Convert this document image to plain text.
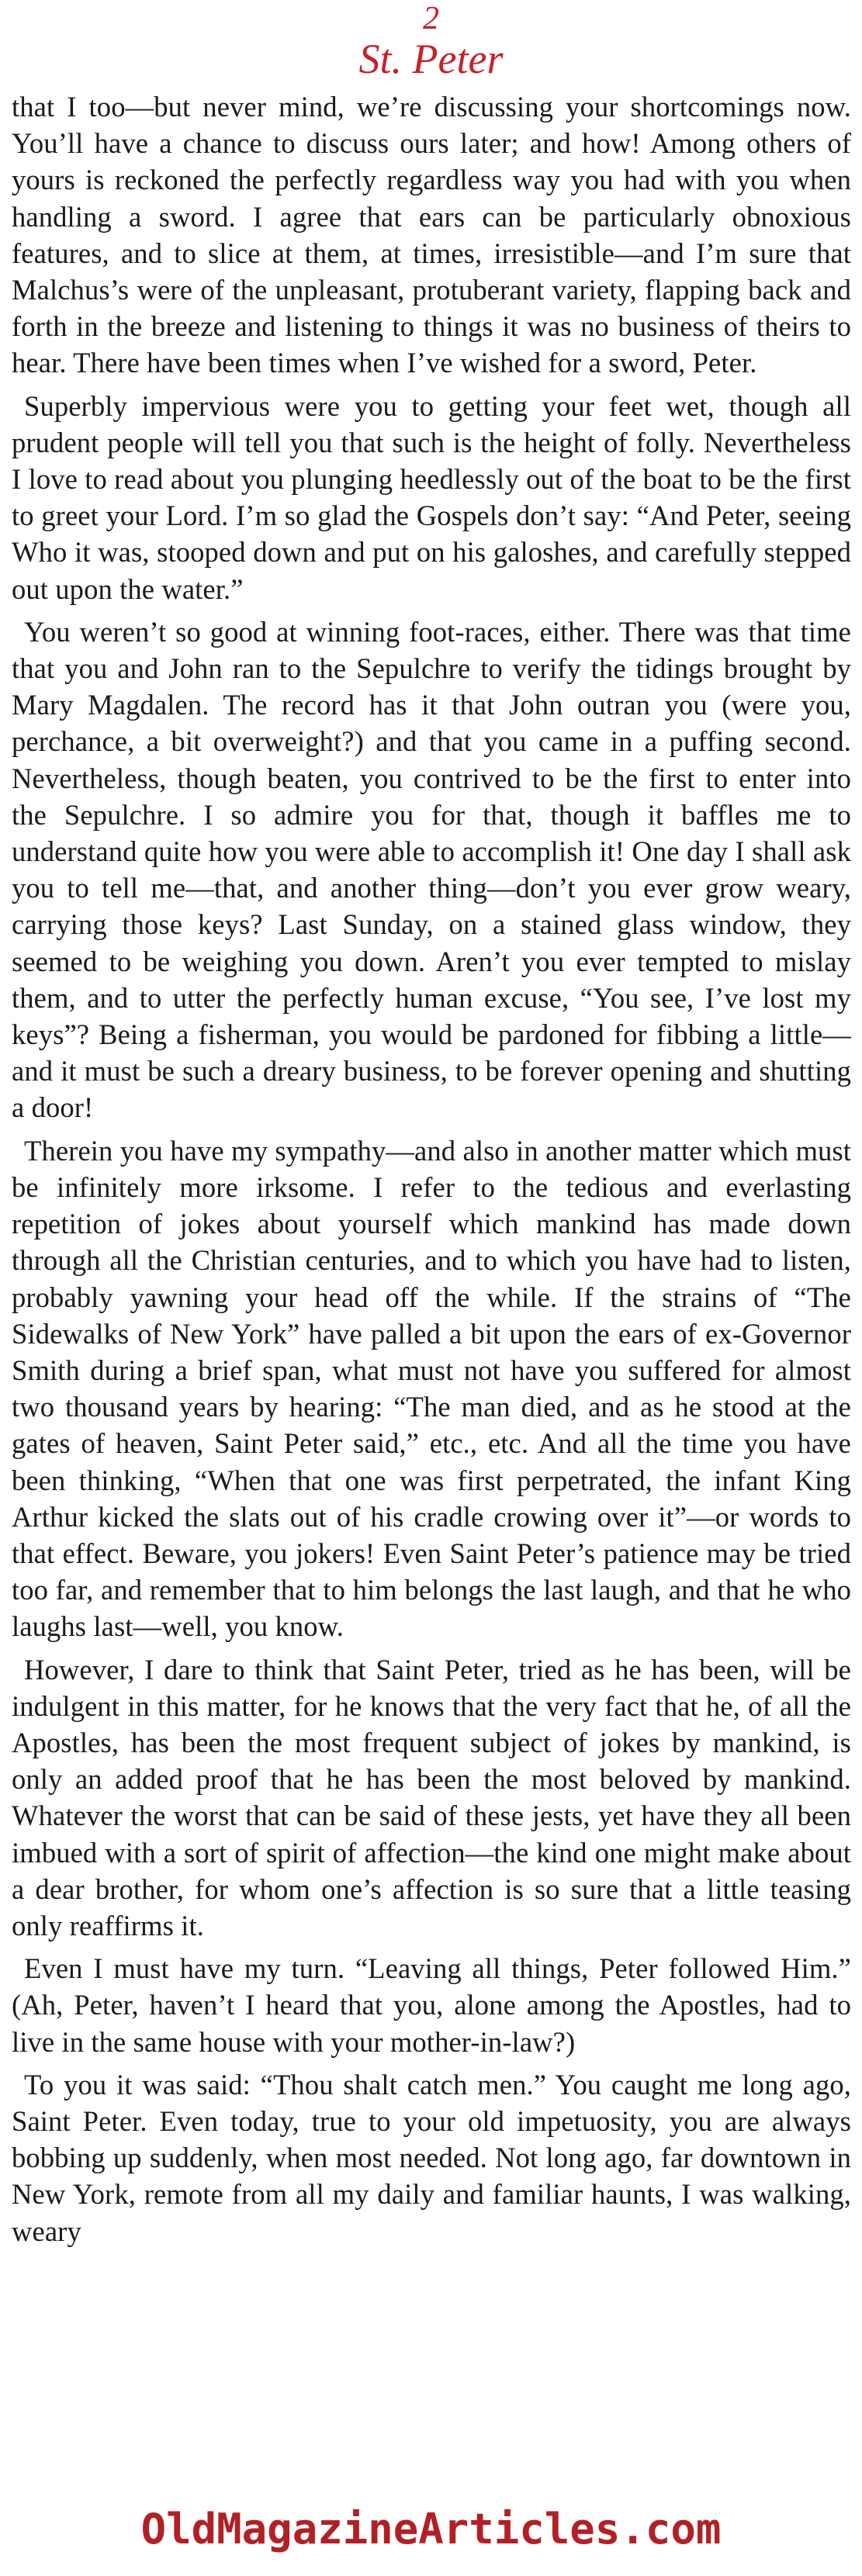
2
St. Peter

that I too—but never mind, we’re discussing your shortcomings now. You’ll have a chance to discuss ours later; and how! Among others of yours is reckoned the perfectly regardless way you had with you when handling a sword. I agree that ears can be particularly obnoxious features, and to slice at them, at times, irresistible—and I’m sure that Malchus’s were of the unpleasant, protuberant variety, flapping back and forth in the breeze and listening to things it was no business of theirs to hear. There have been times when I’ve wished for a sword, Peter.

Superbly impervious were you to getting your feet wet, though all prudent people will tell you that such is the height of folly. Nevertheless I love to read about you plunging heedlessly out of the boat to be the first to greet your Lord. I’m so glad the Gospels don’t say: “And Peter, seeing Who it was, stooped down and put on his galoshes, and carefully stepped out upon the water.”

You weren’t so good at winning foot-races, either. There was that time that you and John ran to the Sepulchre to verify the tidings brought by Mary Magdalen. The record has it that John outran you (were you, perchance, a bit overweight?) and that you came in a puffing second. Nevertheless, though beaten, you contrived to be the first to enter into the Sepulchre. I so admire you for that, though it baffles me to understand quite how you were able to accomplish it! One day I shall ask you to tell me—that, and another thing—don’t you ever grow weary, carrying those keys? Last Sunday, on a stained glass window, they seemed to be weighing you down. Aren’t you ever tempted to mislay them, and to utter the perfectly human excuse, “You see, I’ve lost my keys”? Being a fisherman, you would be pardoned for fibbing a little—and it must be such a dreary business, to be forever opening and shutting a door!

Therein you have my sympathy—and also in another matter which must be infinitely more irksome. I refer to the tedious and everlasting repetition of jokes about yourself which mankind has made down through all the Christian centuries, and to which you have had to listen, probably yawning your head off the while. If the strains of “The Sidewalks of New York” have palled a bit upon the ears of ex-Governor Smith during a brief span, what must not have you suffered for almost two thousand years by hearing: “The man died, and as he stood at the gates of heaven, Saint Peter said,” etc., etc. And all the time you have been thinking, “When that one was first perpetrated, the infant King Arthur kicked the slats out of his cradle crowing over it”—or words to that effect. Beware, you jokers! Even Saint Peter’s patience may be tried too far, and remember that to him belongs the last laugh, and that he who laughs last—well, you know.

However, I dare to think that Saint Peter, tried as he has been, will be indulgent in this matter, for he knows that the very fact that he, of all the Apostles, has been the most frequent subject of jokes by mankind, is only an added proof that he has been the most beloved by mankind. Whatever the worst that can be said of these jests, yet have they all been imbued with a sort of spirit of affection—the kind one might make about a dear brother, for whom one’s affection is so sure that a little teasing only reaffirms it.

Even I must have my turn. “Leaving all things, Peter followed Him.” (Ah, Peter, haven’t I heard that you, alone among the Apostles, had to live in the same house with your mother-in-law?)

To you it was said: “Thou shalt catch men.” You caught me long ago, Saint Peter. Even today, true to your old impetuosity, you are always bobbing up suddenly, when most needed. Not long ago, far downtown in New York, remote from all my daily and familiar haunts, I was walking, weary

OldMagazineArticles.com
